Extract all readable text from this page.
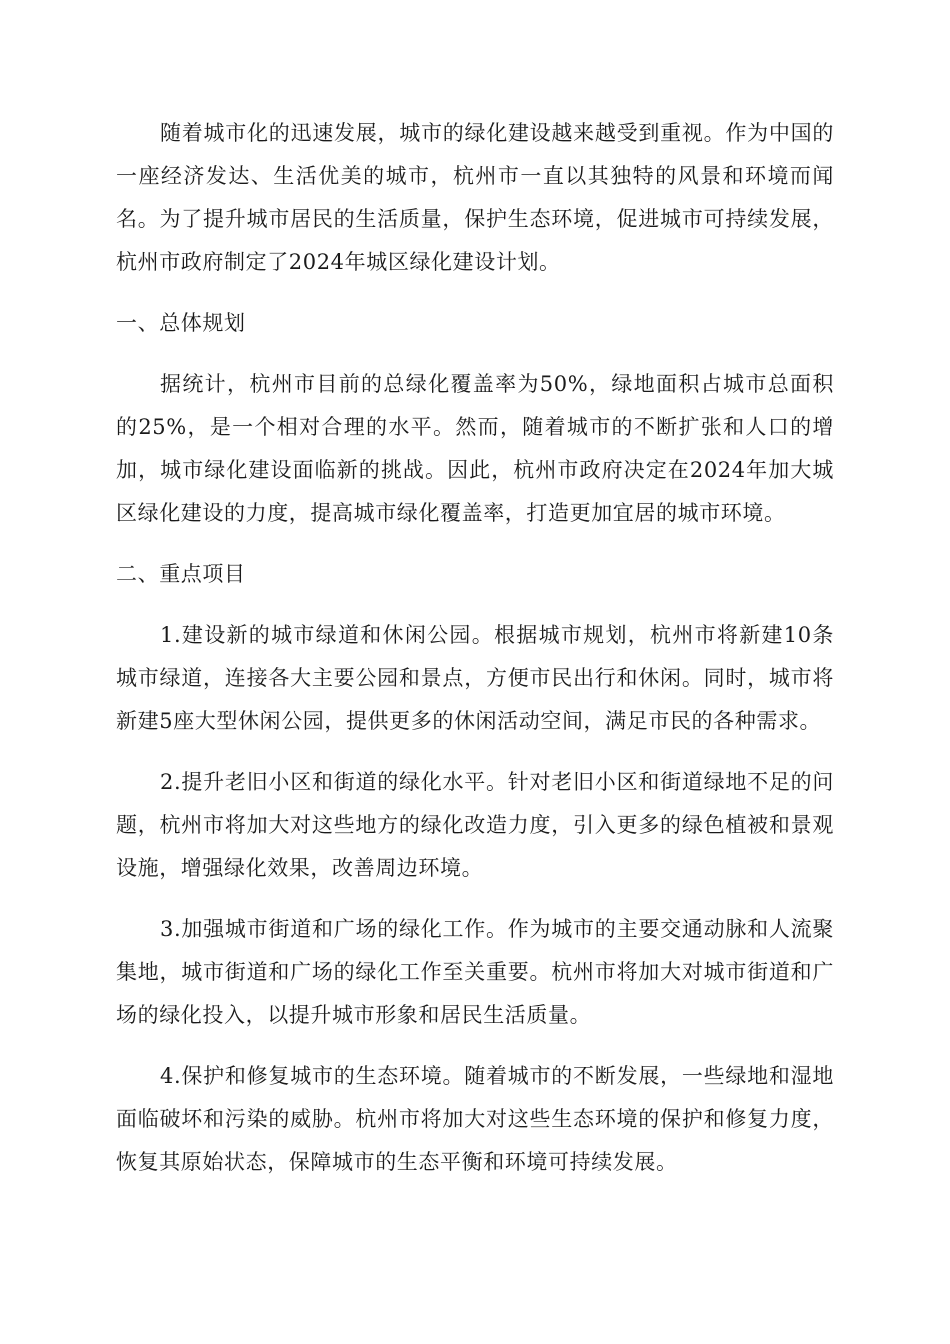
随着城市化的迅速发展，城市的绿化建设越来越受到重视。作为中国的一座经济发达、生活优美的城市，杭州市一直以其独特的风景和环境而闻名。为了提升城市居民的生活质量，保护生态环境，促进城市可持续发展，杭州市政府制定了2024年城区绿化建设计划。

一、总体规划

据统计，杭州市目前的总绿化覆盖率为50%，绿地面积占城市总面积的25%，是一个相对合理的水平。然而，随着城市的不断扩张和人口的增加，城市绿化建设面临新的挑战。因此，杭州市政府决定在2024年加大城区绿化建设的力度，提高城市绿化覆盖率，打造更加宜居的城市环境。

二、重点项目

1.建设新的城市绿道和休闲公园。根据城市规划，杭州市将新建10条城市绿道，连接各大主要公园和景点，方便市民出行和休闲。同时，城市将新建5座大型休闲公园，提供更多的休闲活动空间，满足市民的各种需求。

2.提升老旧小区和街道的绿化水平。针对老旧小区和街道绿地不足的问题，杭州市将加大对这些地方的绿化改造力度，引入更多的绿色植被和景观设施，增强绿化效果，改善周边环境。

3.加强城市街道和广场的绿化工作。作为城市的主要交通动脉和人流聚集地，城市街道和广场的绿化工作至关重要。杭州市将加大对城市街道和广场的绿化投入，以提升城市形象和居民生活质量。

4.保护和修复城市的生态环境。随着城市的不断发展，一些绿地和湿地面临破坏和污染的威胁。杭州市将加大对这些生态环境的保护和修复力度，恢复其原始状态，保障城市的生态平衡和环境可持续发展。
